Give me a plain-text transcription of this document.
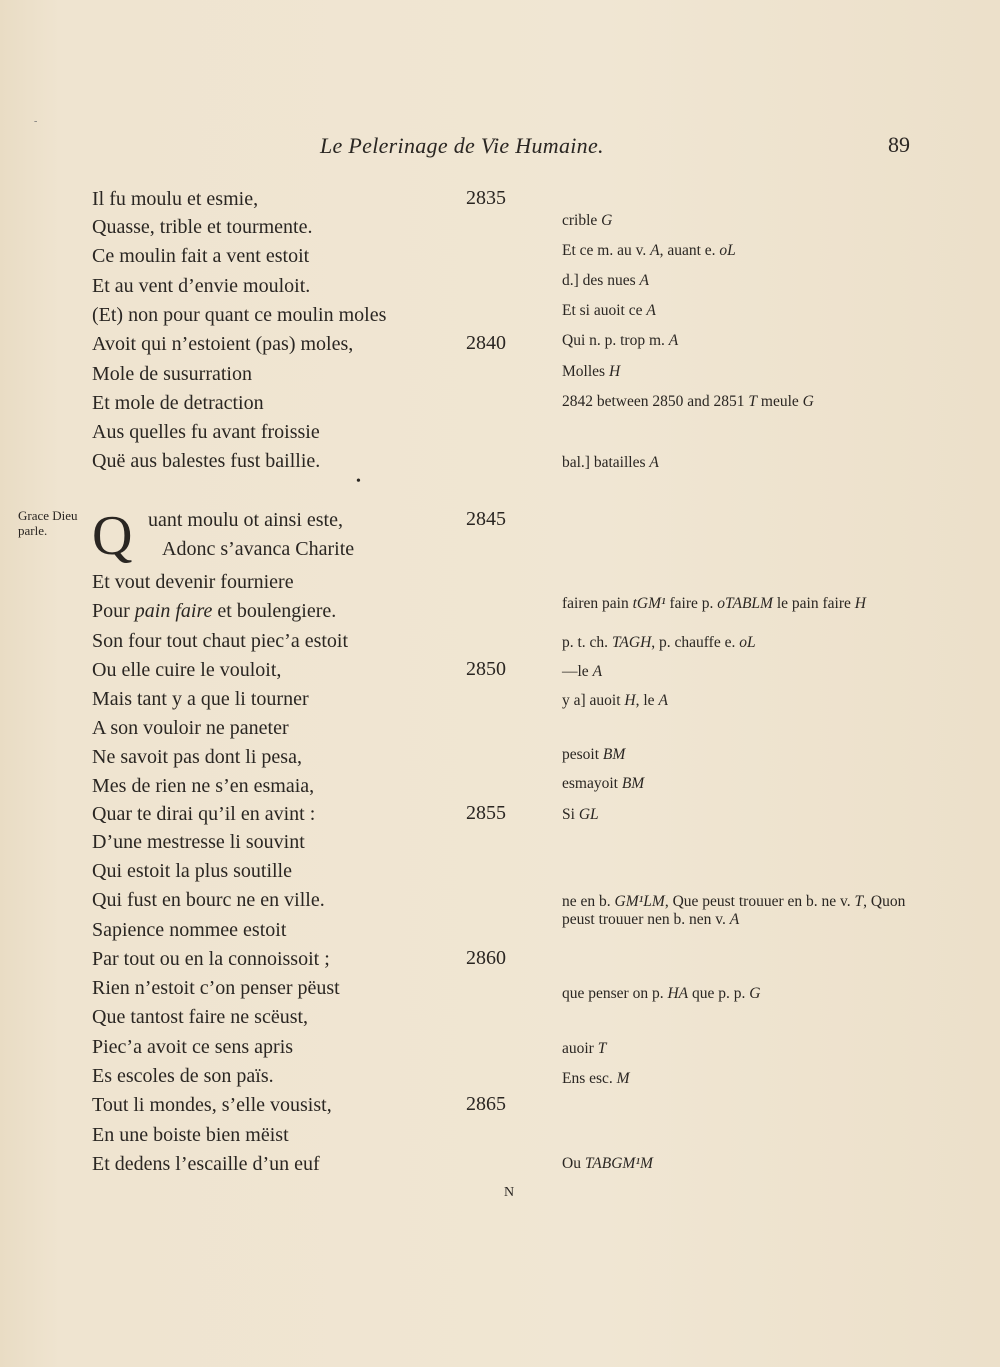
-
Le Pelerinage de Vie Humaine.	89
Grace Dieu parle. Q
•
Il fu moulu et esmie,	2835
Quasse, trible et tourmente.
Ce moulin fait a vent estoit
Et au vent d’envie mouloit.
(Et) non pour quant ce moulin moles
Avoit qui n’estoient (pas) moles,	2840
Mole de susurration
Et mole de detraction
Aus quelles fu avant froissie
Quë aus balestes fust baillie.
uant moulu ot ainsi este,	2845
Adonc s’avanca Charite
Et vout devenir fourniere
Pour pain faire et boulengiere.
Son four tout chaut piec’a estoit
Ou elle cuire le vouloit,	2850
Mais tant y a que li tourner
A son vouloir ne paneter
Ne savoit pas dont li pesa,
Mes de rien ne s’en esmaia,
Quar te dirai qu’il en avint :	2855
D’une mestresse li souvint
Qui estoit la plus soutille
Qui fust en bourc ne en ville.
Sapience nommee estoit
Par tout ou en la connoissoit ;	2860
Rien n’estoit c’on penser pëust
Que tantost faire ne scëust,
Piec’a avoit ce sens apris
Es escoles de son païs.
Tout li mondes, s’elle vousist,	2865
En une boiste bien mëist
Et dedens l’escaille d’un euf
crible G
Et ce m. au v. A, auant e. oL
d.] des nues A
Et si auoit ce A
Qui n. p. trop m. A
Molles H
2842 between 2850 and 2851 T meule G
bal.] batailles A
fairen pain tGM¹ faire p. oTABLM le pain faire H
p. t. ch. TAGH, p. chauffe e. oL
—le A
y a] auoit H, le A
pesoit BM
esmayoit BM
Si GL
ne en b. GM¹LM, Que peust trouuer en b. ne v. T, Quon peust trouuer nen b. nen v. A
que penser on p. HA que p. p. G
auoir T
Ens esc. M
Ou TABGM¹M
N
